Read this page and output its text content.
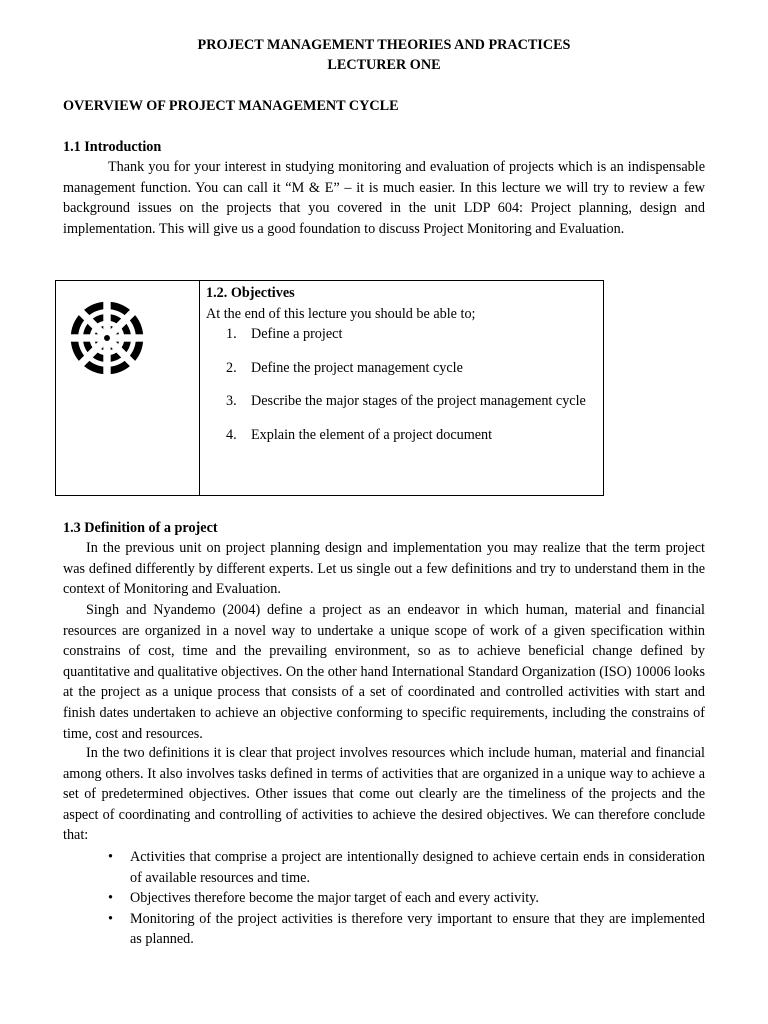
PROJECT MANAGEMENT THEORIES AND PRACTICES
LECTURER ONE
OVERVIEW OF PROJECT MANAGEMENT CYCLE
1.1 Introduction
Thank you for your interest in studying monitoring and evaluation of projects which is an indispensable management function. You can call it “M & E” – it is much easier. In this lecture we will try to review a few background issues on the projects that you covered in the unit LDP 604: Project planning, design and implementation. This will give us a good foundation to discuss Project Monitoring and Evaluation.
1.2. Objectives
At the end of this lecture you should be able to;
1.	Define a project
2.	Define the project management cycle
3.	Describe the major stages of the project management cycle
4.	Explain the element of a project document
1.3 Definition of a project
In the previous unit on project planning design and implementation you may realize that the term project was defined differently by different experts. Let us single out a few definitions and try to understand them in the context of Monitoring and Evaluation.
Singh and Nyandemo (2004) define a project as an endeavor in which human, material and financial resources are organized in a novel way to undertake a unique scope of work of a given specification within constrains of cost, time and the prevailing environment, so as to achieve beneficial change defined by quantitative and qualitative objectives. On the other hand International Standard Organization (ISO) 10006 looks at the project as a unique process that consists of a set of coordinated and controlled activities with start and finish dates undertaken to achieve an objective conforming to specific requirements, including the constrains of time, cost and resources.
In the two definitions it is clear that project involves resources which include human, material and financial among others. It also involves tasks defined in terms of activities that are organized in a unique way to achieve a set of predetermined objectives. Other issues that come out clearly are the timeliness of the projects and the aspect of coordinating and controlling of activities to achieve the desired objectives. We can therefore conclude that:
•	Activities that comprise a project are intentionally designed to achieve certain ends in consideration of available resources and time.
•	Objectives therefore become the major target of each and every activity.
•	Monitoring of the project activities is therefore very important to ensure that they are implemented as planned.
